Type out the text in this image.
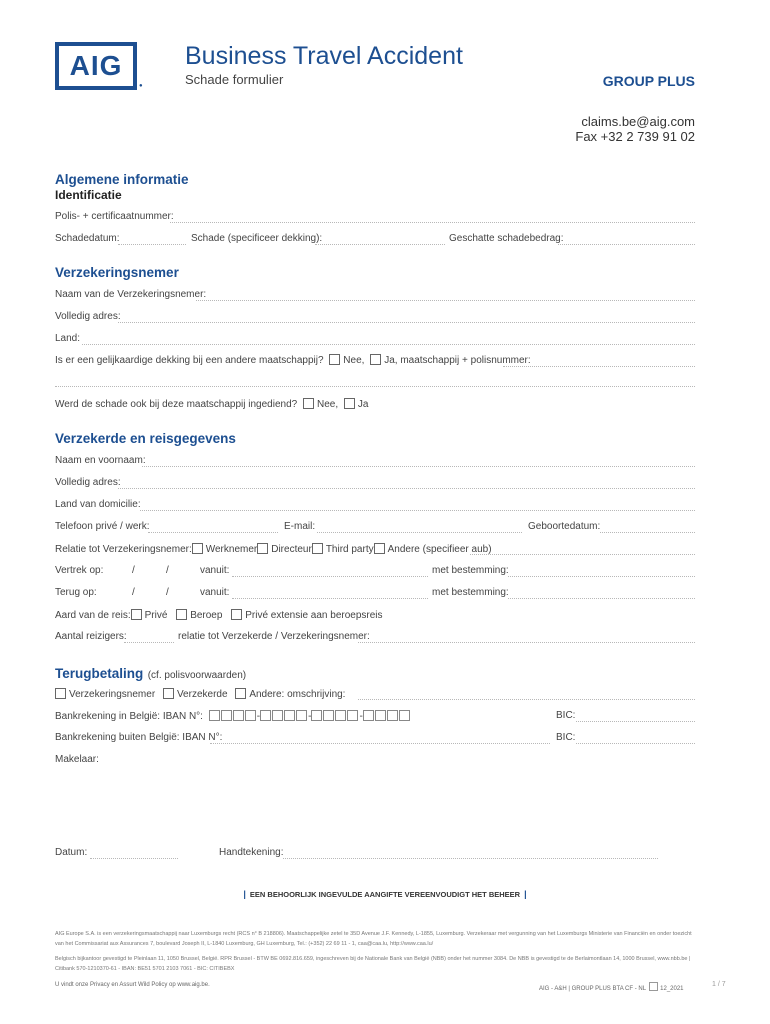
AIG
●
Business Travel Accident
Schade formulier	GROUP PLUS
claims.be@aig.com
Fax +32 2 739 91 02
Algemene informatie
Identificatie
Polis- + certificaatnummer:
Schadedatum:	Schade (specificeer dekking):	Geschatte schadebedrag:
Verzekeringsnemer
Naam van de Verzekeringsnemer:
Volledig adres:
Land:
Is er een gelijkaardige dekking bij een andere maatschappij? Nee, Ja, maatschappij + polisnummer:
Werd de schade ook bij deze maatschappij ingediend? Nee, Ja
Verzekerde en reisgegevens
Naam en voornaam:
Volledig adres:
Land van domicilie:
Telefoon privé / werk:	E-mail:	Geboortedatum:
Relatie tot Verzekeringsnemer: Werknemer Directeur Third party Andere (specifieer aub)
Vertrek op:	/	/	vanuit:	met bestemming:
Terug op:	/	/	vanuit:	met bestemming:
Aard van de reis: Privé Beroep Privé extensie aan beroepsreis
Aantal reizigers:	relatie tot Verzekerde / Verzekeringsnemer:
Terugbetaling (cf. polisvoorwaarden)
Verzekeringsnemer Verzekerde Andere: omschrijving:
Bankrekening in België: IBAN N°:	-	-	-	BIC:
Bankrekening buiten België: IBAN N°:	BIC:
Makelaar:
Datum:	Handtekening:
| EEN BEHOORLIJK INGEVULDE AANGIFTE VEREENVOUDIGT HET BEHEER |
AIG Europe S.A. is een verzekeringsmaatschappij naar Luxemburgs recht (RCS n° B 218806). Maatschappelijke zetel te 35D Avenue J.F. Kennedy, L-1855, Luxemburg. Verzekeraar met vergunning van het Luxemburgs Ministerie van Financiën en onder toezicht van het Commissariat aux Assurances 7, boulevard Joseph II, L-1840 Luxemburg, GH Luxemburg, Tel.: (+352) 22 69 11 - 1, caa@caa.lu, http://www.caa.lu/
Belgisch bijkantoor gevestigd te Pleinlaan 11, 1050 Brussel, België. RPR Brussel - BTW BE 0692.816.659, ingeschreven bij de Nationale Bank van België (NBB) onder het nummer 3084. De NBB is gevestigd te de Berlaimontlaan 14, 1000 Brussel, www.nbb.be | Citibank 570-1210370-61 - IBAN: BE51 5701 2103 7061 - BIC: CITIBEBX
U vindt onze Privacy en Assurt Wild Policy op www.aig.be.
AIG - A&H | GROUP PLUS BTA CF - NL 12_2021
1 / 7
